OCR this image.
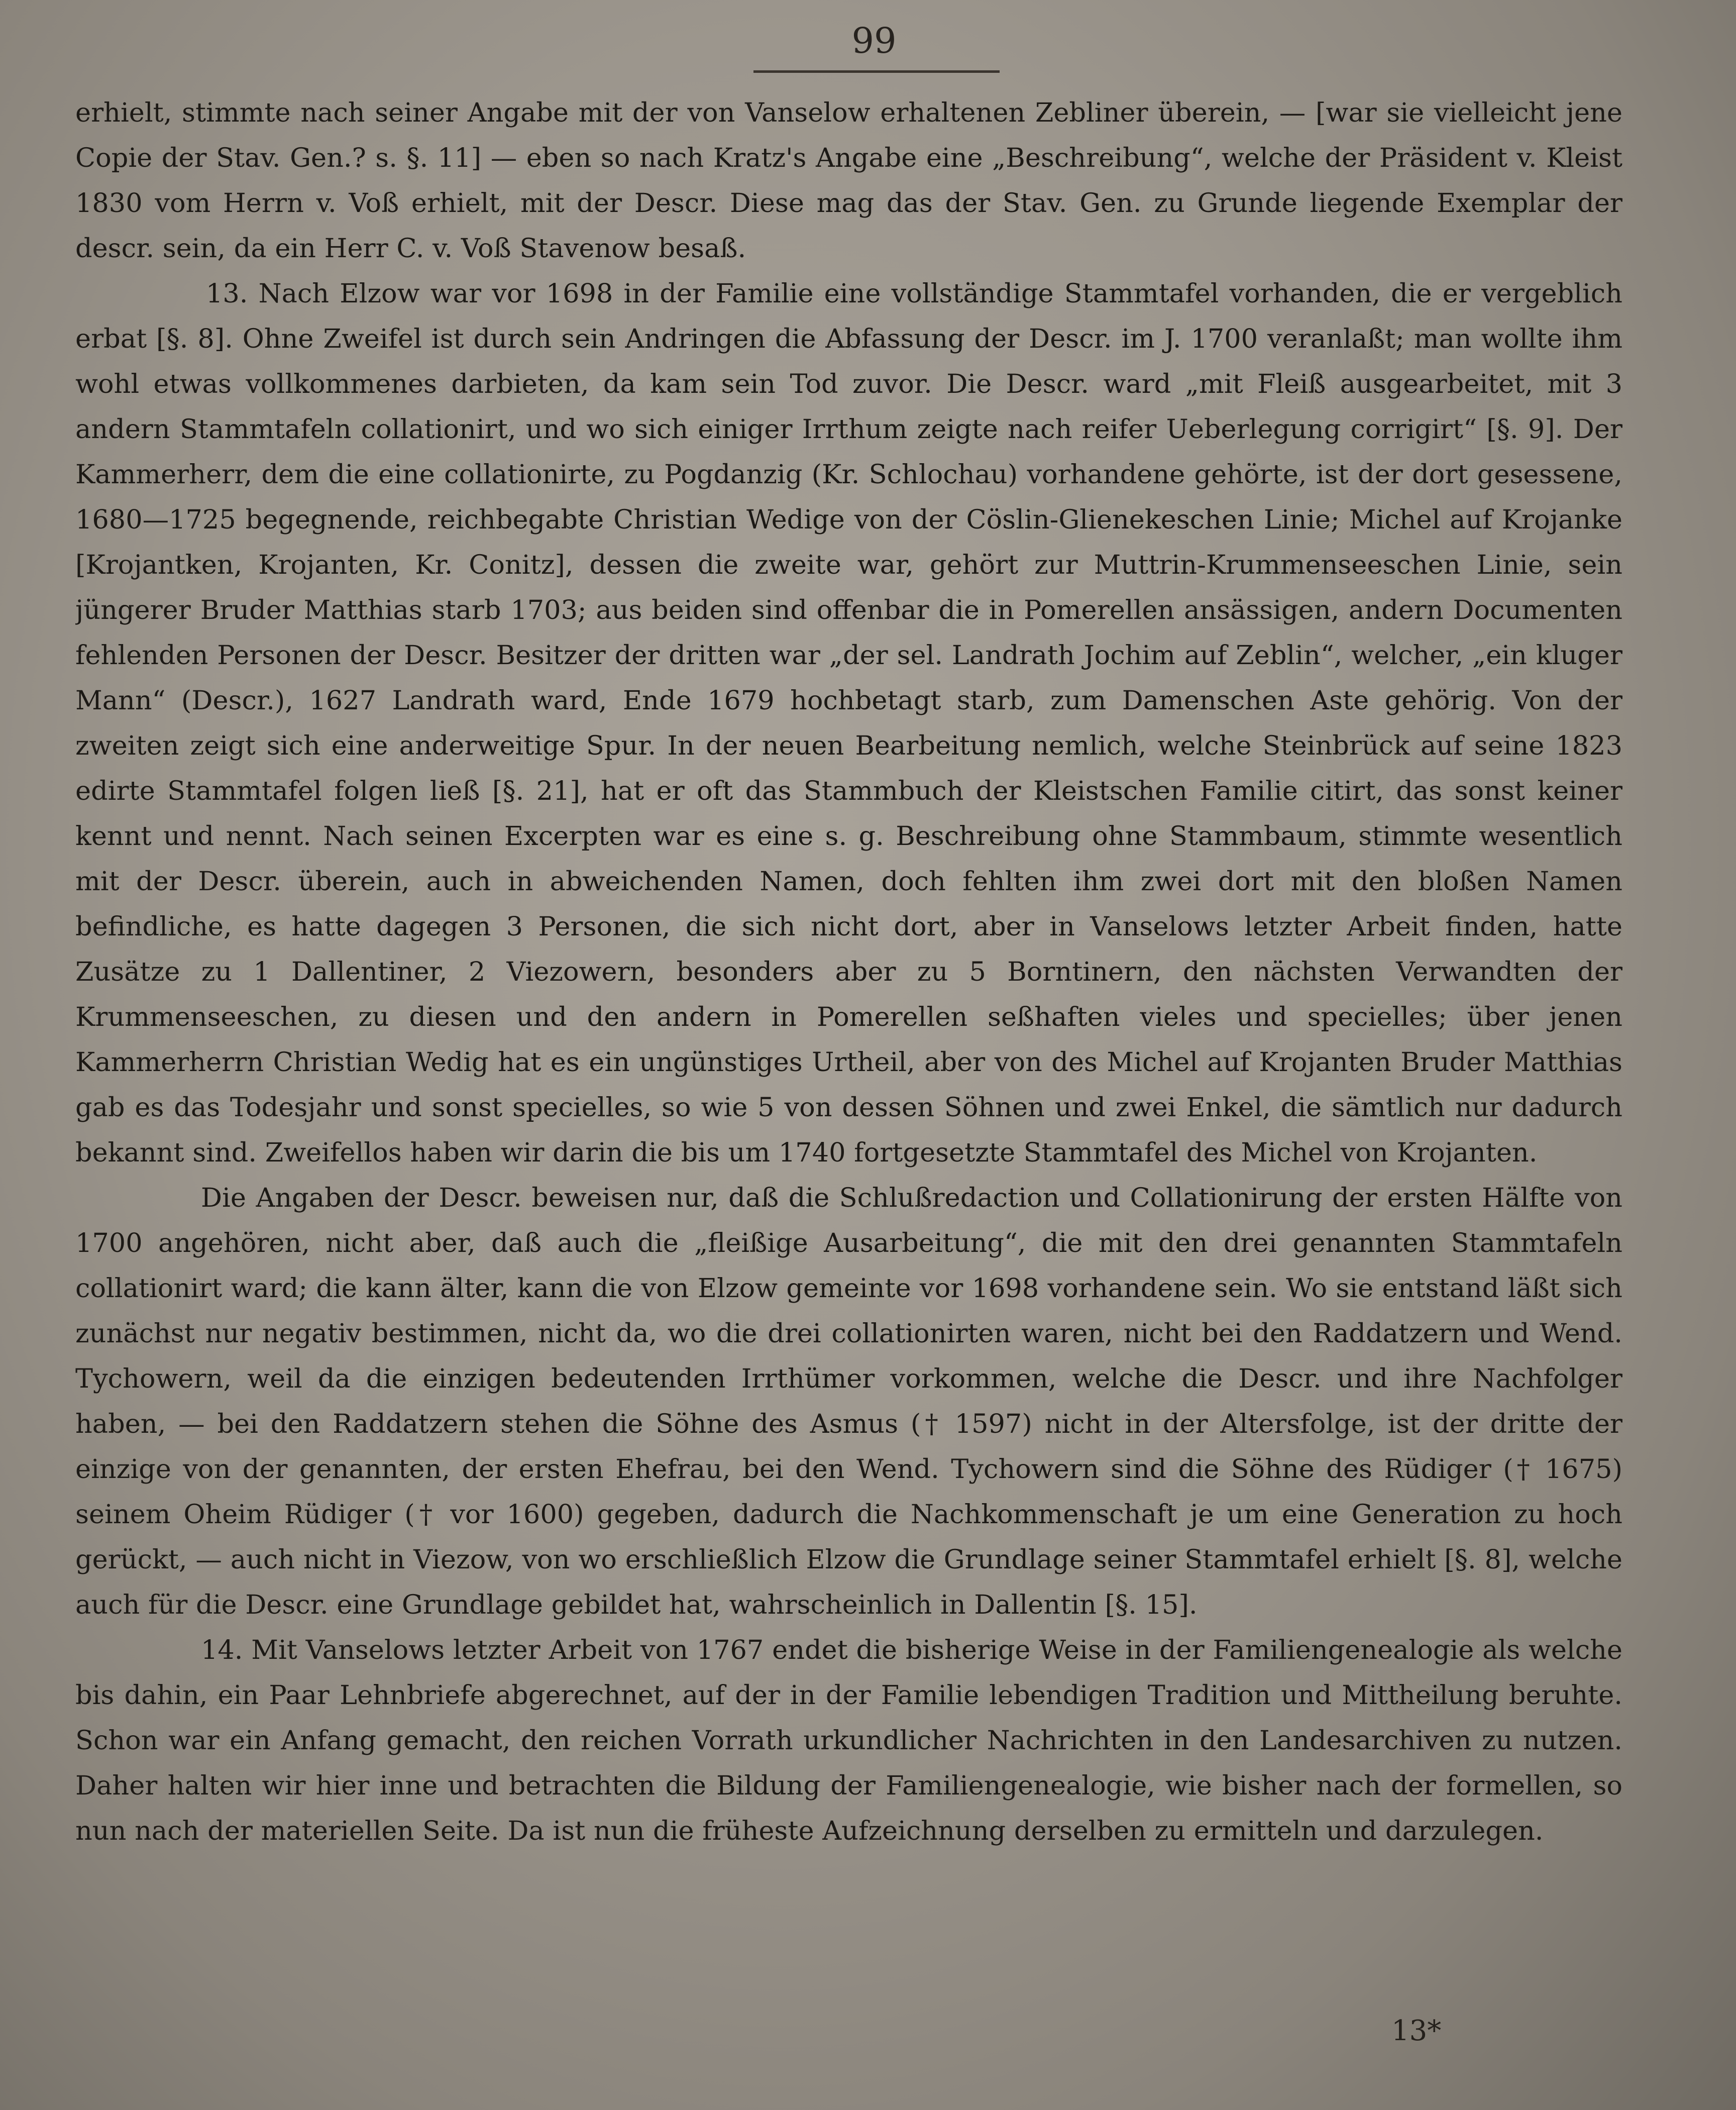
99

erhielt, stimmte nach seiner Angabe mit der von Vanselow erhaltenen Zebliner überein, — [war sie vielleicht jene Copie der Stav. Gen.? s. §. 11] — eben so nach Kratz's Angabe eine „Beschreibung“, welche der Präsident v. Kleist 1830 vom Herrn v. Voß erhielt, mit der Descr. Diese mag das der Stav. Gen. zu Grunde liegende Exemplar der descr. sein, da ein Herr C. v. Voß Stavenow besaß.

13. Nach Elzow war vor 1698 in der Familie eine vollständige Stammtafel vorhanden, die er vergeblich erbat [§. 8]. Ohne Zweifel ist durch sein Andringen die Abfassung der Descr. im J. 1700 veranlaßt; man wollte ihm wohl etwas vollkommenes darbieten, da kam sein Tod zuvor. Die Descr. ward „mit Fleiß ausgearbeitet, mit 3 andern Stammtafeln collationirt, und wo sich einiger Irrthum zeigte nach reifer Ueberlegung corrigirt“ [§. 9]. Der Kammerherr, dem die eine collationirte, zu Pogdanzig (Kr. Schlochau) vorhandene gehörte, ist der dort gesessene, 1680—1725 begegnende, reichbegabte Christian Wedige von der Cöslin-Glienekeschen Linie; Michel auf Krojanke [Krojantken, Krojanten, Kr. Conitz], dessen die zweite war, gehört zur Muttrin-Krummenseeschen Linie, sein jüngerer Bruder Matthias starb 1703; aus beiden sind offenbar die in Pomerellen ansässigen, andern Documenten fehlenden Personen der Descr. Besitzer der dritten war „der sel. Landrath Jochim auf Zeblin“, welcher, „ein kluger Mann“ (Descr.), 1627 Landrath ward, Ende 1679 hochbetagt starb, zum Damenschen Aste gehörig. Von der zweiten zeigt sich eine anderweitige Spur. In der neuen Bearbeitung nemlich, welche Steinbrück auf seine 1823 edirte Stammtafel folgen ließ [§. 21], hat er oft das Stammbuch der Kleistschen Familie citirt, das sonst keiner kennt und nennt. Nach seinen Excerpten war es eine s. g. Beschreibung ohne Stammbaum, stimmte wesentlich mit der Descr. überein, auch in abweichenden Namen, doch fehlten ihm zwei dort mit den bloßen Namen befindliche, es hatte dagegen 3 Personen, die sich nicht dort, aber in Vanselows letzter Arbeit finden, hatte Zusätze zu 1 Dallentiner, 2 Viezowern, besonders aber zu 5 Borntinern, den nächsten Verwandten der Krummenseeschen, zu diesen und den andern in Pomerellen seßhaften vieles und specielles; über jenen Kammerherrn Christian Wedig hat es ein ungünstiges Urtheil, aber von des Michel auf Krojanten Bruder Matthias gab es das Todesjahr und sonst specielles, so wie 5 von dessen Söhnen und zwei Enkel, die sämtlich nur dadurch bekannt sind. Zweifellos haben wir darin die bis um 1740 fortgesetzte Stammtafel des Michel von Krojanten.

Die Angaben der Descr. beweisen nur, daß die Schlußredaction und Collationirung der ersten Hälfte von 1700 angehören, nicht aber, daß auch die „fleißige Ausarbeitung“, die mit den drei genannten Stammtafeln collationirt ward; die kann älter, kann die von Elzow gemeinte vor 1698 vorhandene sein. Wo sie entstand läßt sich zunächst nur negativ bestimmen, nicht da, wo die drei collationirten waren, nicht bei den Raddatzern und Wend. Tychowern, weil da die einzigen bedeutenden Irrthümer vorkommen, welche die Descr. und ihre Nachfolger haben, — bei den Raddatzern stehen die Söhne des Asmus († 1597) nicht in der Altersfolge, ist der dritte der einzige von der genannten, der ersten Ehefrau, bei den Wend. Tychowern sind die Söhne des Rüdiger († 1675) seinem Oheim Rüdiger († vor 1600) gegeben, dadurch die Nachkommenschaft je um eine Generation zu hoch gerückt, — auch nicht in Viezow, von wo erschließlich Elzow die Grundlage seiner Stammtafel erhielt [§. 8], welche auch für die Descr. eine Grundlage gebildet hat, wahrscheinlich in Dallentin [§. 15].

14. Mit Vanselows letzter Arbeit von 1767 endet die bisherige Weise in der Familiengenealogie als welche bis dahin, ein Paar Lehnbriefe abgerechnet, auf der in der Familie lebendigen Tradition und Mittheilung beruhte. Schon war ein Anfang gemacht, den reichen Vorrath urkundlicher Nachrichten in den Landesarchiven zu nutzen. Daher halten wir hier inne und betrachten die Bildung der Familiengenealogie, wie bisher nach der formellen, so nun nach der materiellen Seite. Da ist nun die früheste Aufzeichnung derselben zu ermitteln und darzulegen.

13*
